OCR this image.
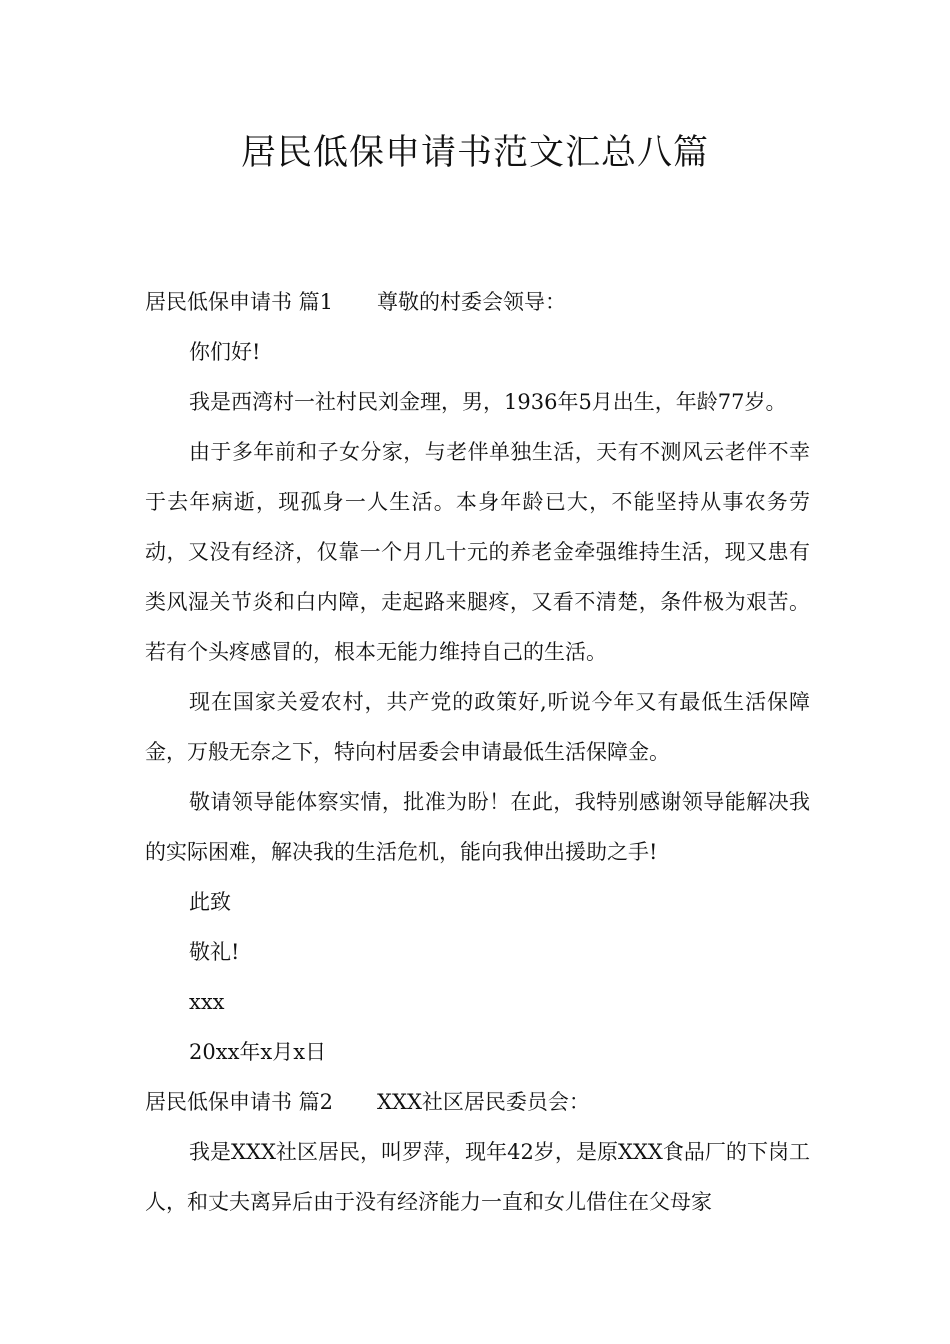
居民低保申请书范文汇总八篇

居民低保申请书 篇1 尊敬的村委会领导：

你们好!

我是西湾村一社村民刘金理，男，1936年5月出生，年龄77岁。

由于多年前和子女分家，与老伴单独生活，天有不测风云老伴不幸于去年病逝，现孤身一人生活。本身年龄已大，不能坚持从事农务劳动，又没有经济，仅靠一个月几十元的养老金牵强维持生活，现又患有类风湿关节炎和白内障，走起路来腿疼，又看不清楚，条件极为艰苦。若有个头疼感冒的，根本无能力维持自己的生活。

现在国家关爱农村，共产党的政策好,听说今年又有最低生活保障金，万般无奈之下，特向村居委会申请最低生活保障金。

敬请领导能体察实情，批准为盼！在此，我特别感谢领导能解决我的实际困难，解决我的生活危机，能向我伸出援助之手!

此致

敬礼!

xxx

20xx年x月x日

居民低保申请书 篇2 XXX社区居民委员会：

我是XXX社区居民，叫罗萍，现年42岁，是原XXX食品厂的下岗工人，和丈夫离异后由于没有经济能力一直和女儿借住在父母家
